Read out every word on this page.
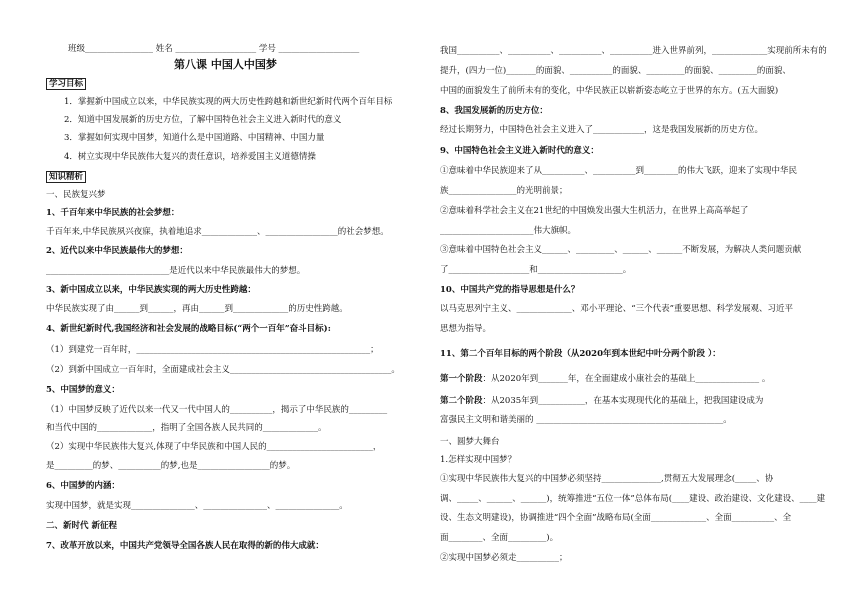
班级________________ 姓名 ___________________ 学号 ___________________
第八课 中国人中国梦
学习目标
1．掌握新中国成立以来，中华民族实现的两大历史性跨越和新世纪新时代两个百年目标
2．知道中国发展新的历史方位，了解中国特色社会主义进入新时代的意义
3．掌握如何实现中国梦，知道什么是中国道路、中国精神、中国力量
4．树立实现中华民族伟大复兴的责任意识，培养爱国主义道德情操
知识精析
一、民族复兴梦
1、千百年来中华民族的社会梦想：
千百年来,中华民族夙兴夜寐，执着地追求_____________、_________________的社会梦想。
2、近代以来中华民族最伟大的梦想：
_____________________________是近代以来中华民族最伟大的梦想。
3、新中国成立以来，中华民族实现的两大历史性跨越：
中华民族实现了由______到______，再由______到_____________的历史性跨越。
4、新世纪新时代,我国经济和社会发展的战略目标(“两个一百年”奋斗目标):
（1）到建党一百年时，_______________________________________________________；
（2）到新中国成立一百年时，全面建成社会主义______________________________________。
5、中国梦的意义：
（1）中国梦反映了近代以来一代又一代中国人的__________，揭示了中华民族的_________
和当代中国的_____________，指明了全国各族人民共同的_____________。
（2）实现中华民族伟大复兴,体现了中华民族和中国人民的_________________________，
是_________的梦、__________的梦,也是_________________的梦。
6、中国梦的内涵：
实现中国梦，就是实现_______________、_______________、_______________。
二、新时代 新征程
7、改革开放以来，中国共产党领导全国各族人民在取得的新的伟大成就：
我国__________、__________、__________、__________进入世界前列，_____________实现前所未有的
提升，(四力一位)_______的面貌、__________的面貌、_________的面貌、_________的面貌、
中国的面貌发生了前所未有的变化，中华民族正以崭新姿态屹立于世界的东方。(五大面貌)
8、我国发展新的历史方位：
经过长期努力，中国特色社会主义进入了____________，这是我国发展新的历史方位。
9、中国特色社会主义进入新时代的意义：
①意味着中华民族迎来了从__________、__________到________的伟大飞跃，迎来了实现中华民
族________________的光明前景；
②意味着科学社会主义在21世纪的中国焕发出强大生机活力，在世界上高高举起了
______________________伟大旗帜。
③意味着中国特色社会主义______、_________、______、______不断发展，为解决人类问题贡献
了___________________和____________________。
10、中国共产党的指导思想是什么？
以马克思列宁主义、_____________、邓小平理论、“三个代表”重要思想、科学发展观、习近平
思想为指导。
11、第二个百年目标的两个阶段（从2020年到本世纪中叶分两个阶段 ）：
第一个阶段：从2020年到_______年，在全面建成小康社会的基础上_______________ 。
第二个阶段：从2035年到___________，在基本实现现代化的基础上，把我国建设成为
富强民主文明和谐美丽的 ____________________________________________。
一、圆梦大舞台
1.怎样实现中国梦？
①实现中华民族伟大复兴的中国梦必须坚持______________,贯彻五大发展理念(_____、协
调、_____、______、______)，统筹推进“五位一体”总体布局(____建设、政治建设、文化建设、____建
设、生态文明建设)，协调推进“四个全面”战略布局(全面_____________、全面__________、全
面________、全面_________)。
②实现中国梦必须走__________；
